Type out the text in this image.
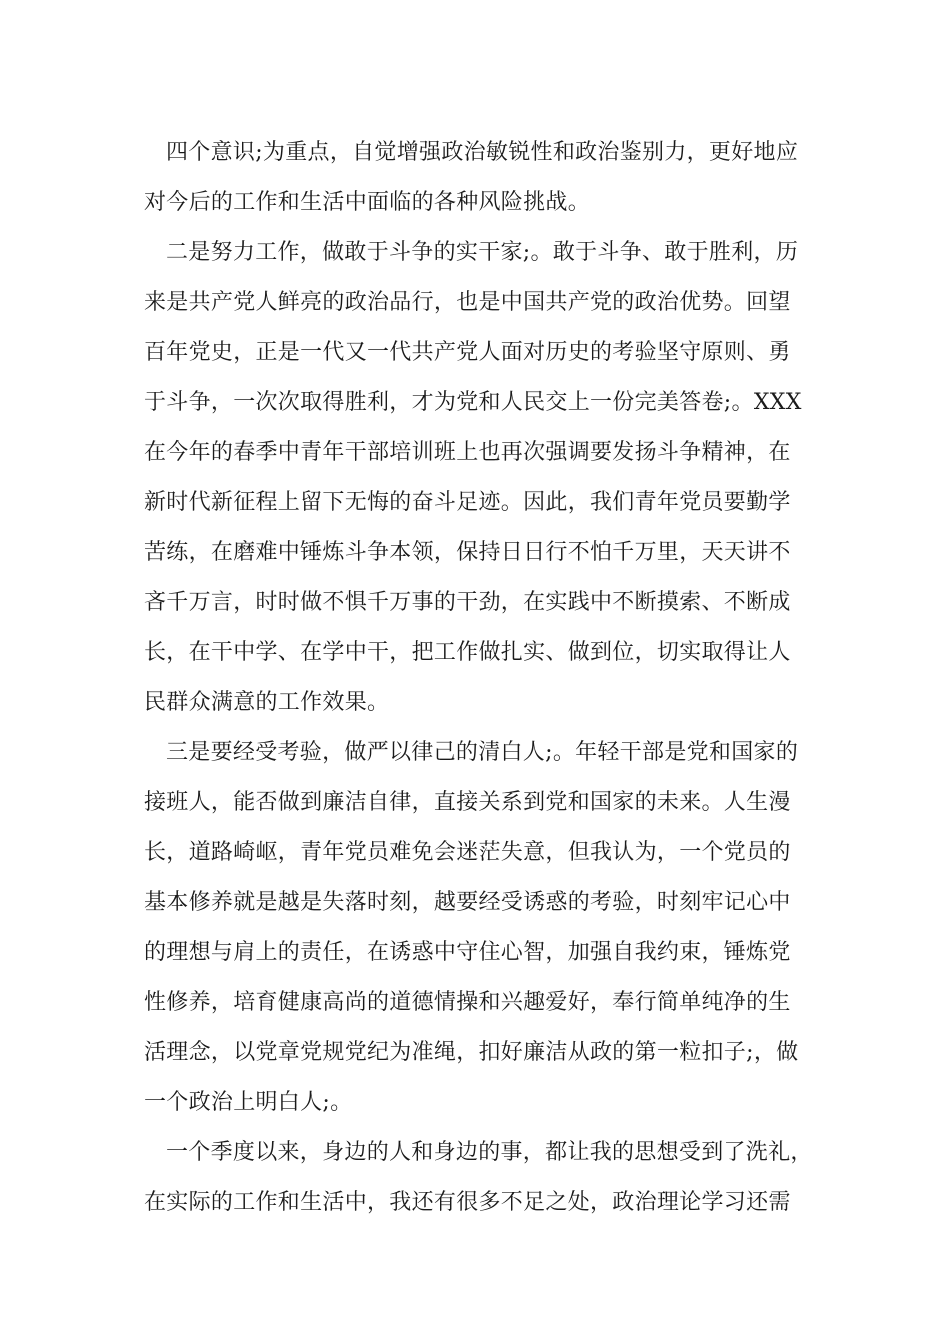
四个意识;为重点，自觉增强政治敏锐性和政治鉴别力，更好地应
对今后的工作和生活中面临的各种风险挑战。
二是努力工作，做敢于斗争的实干家;。敢于斗争、敢于胜利，历
来是共产党人鲜亮的政治品行，也是中国共产党的政治优势。回望
百年党史，正是一代又一代共产党人面对历史的考验坚守原则、勇
于斗争，一次次取得胜利，才为党和人民交上一份完美答卷;。XXX
在今年的春季中青年干部培训班上也再次强调要发扬斗争精神，在
新时代新征程上留下无悔的奋斗足迹。因此，我们青年党员要勤学
苦练，在磨难中锤炼斗争本领，保持日日行不怕千万里，天天讲不
吝千万言，时时做不惧千万事的干劲，在实践中不断摸索、不断成
长，在干中学、在学中干，把工作做扎实、做到位，切实取得让人
民群众满意的工作效果。
三是要经受考验，做严以律己的清白人;。年轻干部是党和国家的
接班人，能否做到廉洁自律，直接关系到党和国家的未来。人生漫
长，道路崎岖，青年党员难免会迷茫失意，但我认为，一个党员的
基本修养就是越是失落时刻，越要经受诱惑的考验，时刻牢记心中
的理想与肩上的责任，在诱惑中守住心智，加强自我约束，锤炼党
性修养，培育健康高尚的道德情操和兴趣爱好，奉行简单纯净的生
活理念，以党章党规党纪为准绳，扣好廉洁从政的第一粒扣子;，做
一个政治上明白人;。
一个季度以来，身边的人和身边的事，都让我的思想受到了洗礼，
在实际的工作和生活中，我还有很多不足之处，政治理论学习还需
